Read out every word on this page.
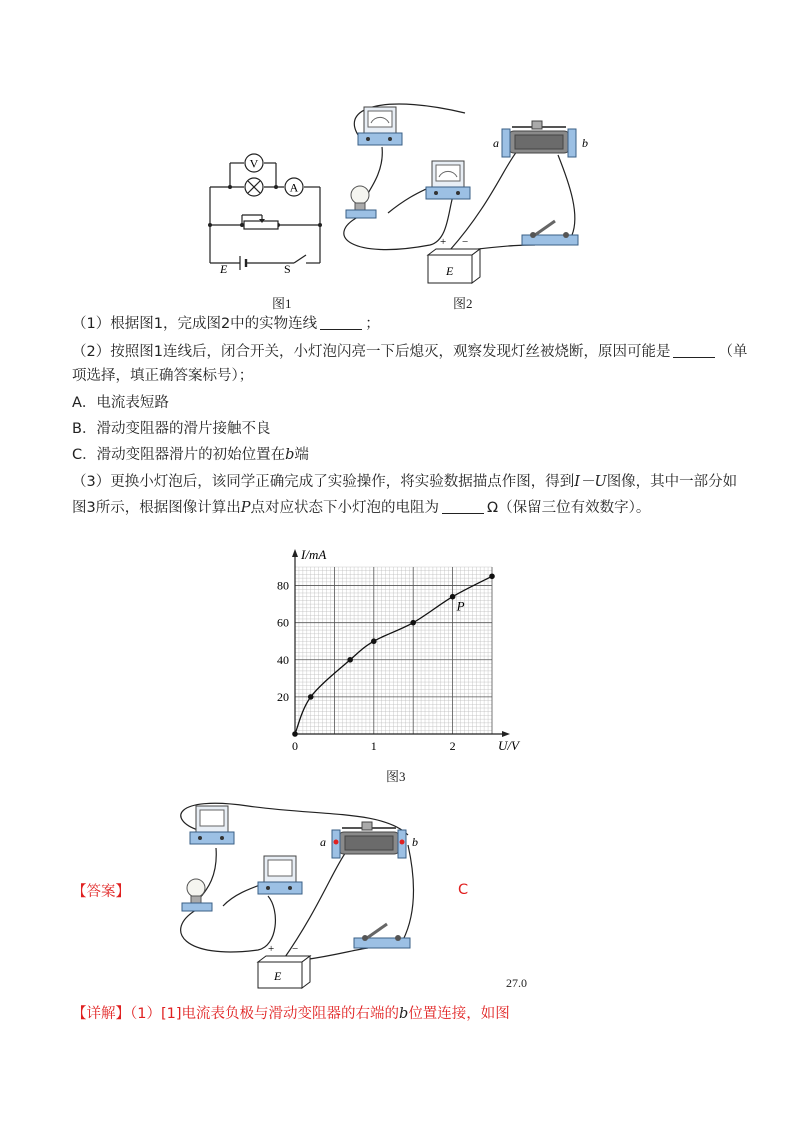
V
A
E	S
图1
a	b
+ −
E
图2
（1）根据图1，完成图2中的实物连线	；
（2）按照图1连线后，闭合开关，小灯泡闪亮一下后熄灭，观察发现灯丝被烧断，原因可能是	（单
项选择，填正确答案标号）；
A．电流表短路
B．滑动变阻器的滑片接触不良
C．滑动变阻器滑片的初始位置在b端
（3）更换小灯泡后，该同学正确完成了实验操作，将实验数据描点作图，得到I－U图像，其中一部分如
图3所示，根据图像计算出P点对应状态下小灯泡的电阻为	Ω（保留三位有效数字）。
I/mA
U/V
0	1	2
20
40
60
80
P
图3
【答案】
a	b
+ −
E
C
27.0
【详解】（1）[1]电流表负极与滑动变阻器的右端的b位置连接，如图
